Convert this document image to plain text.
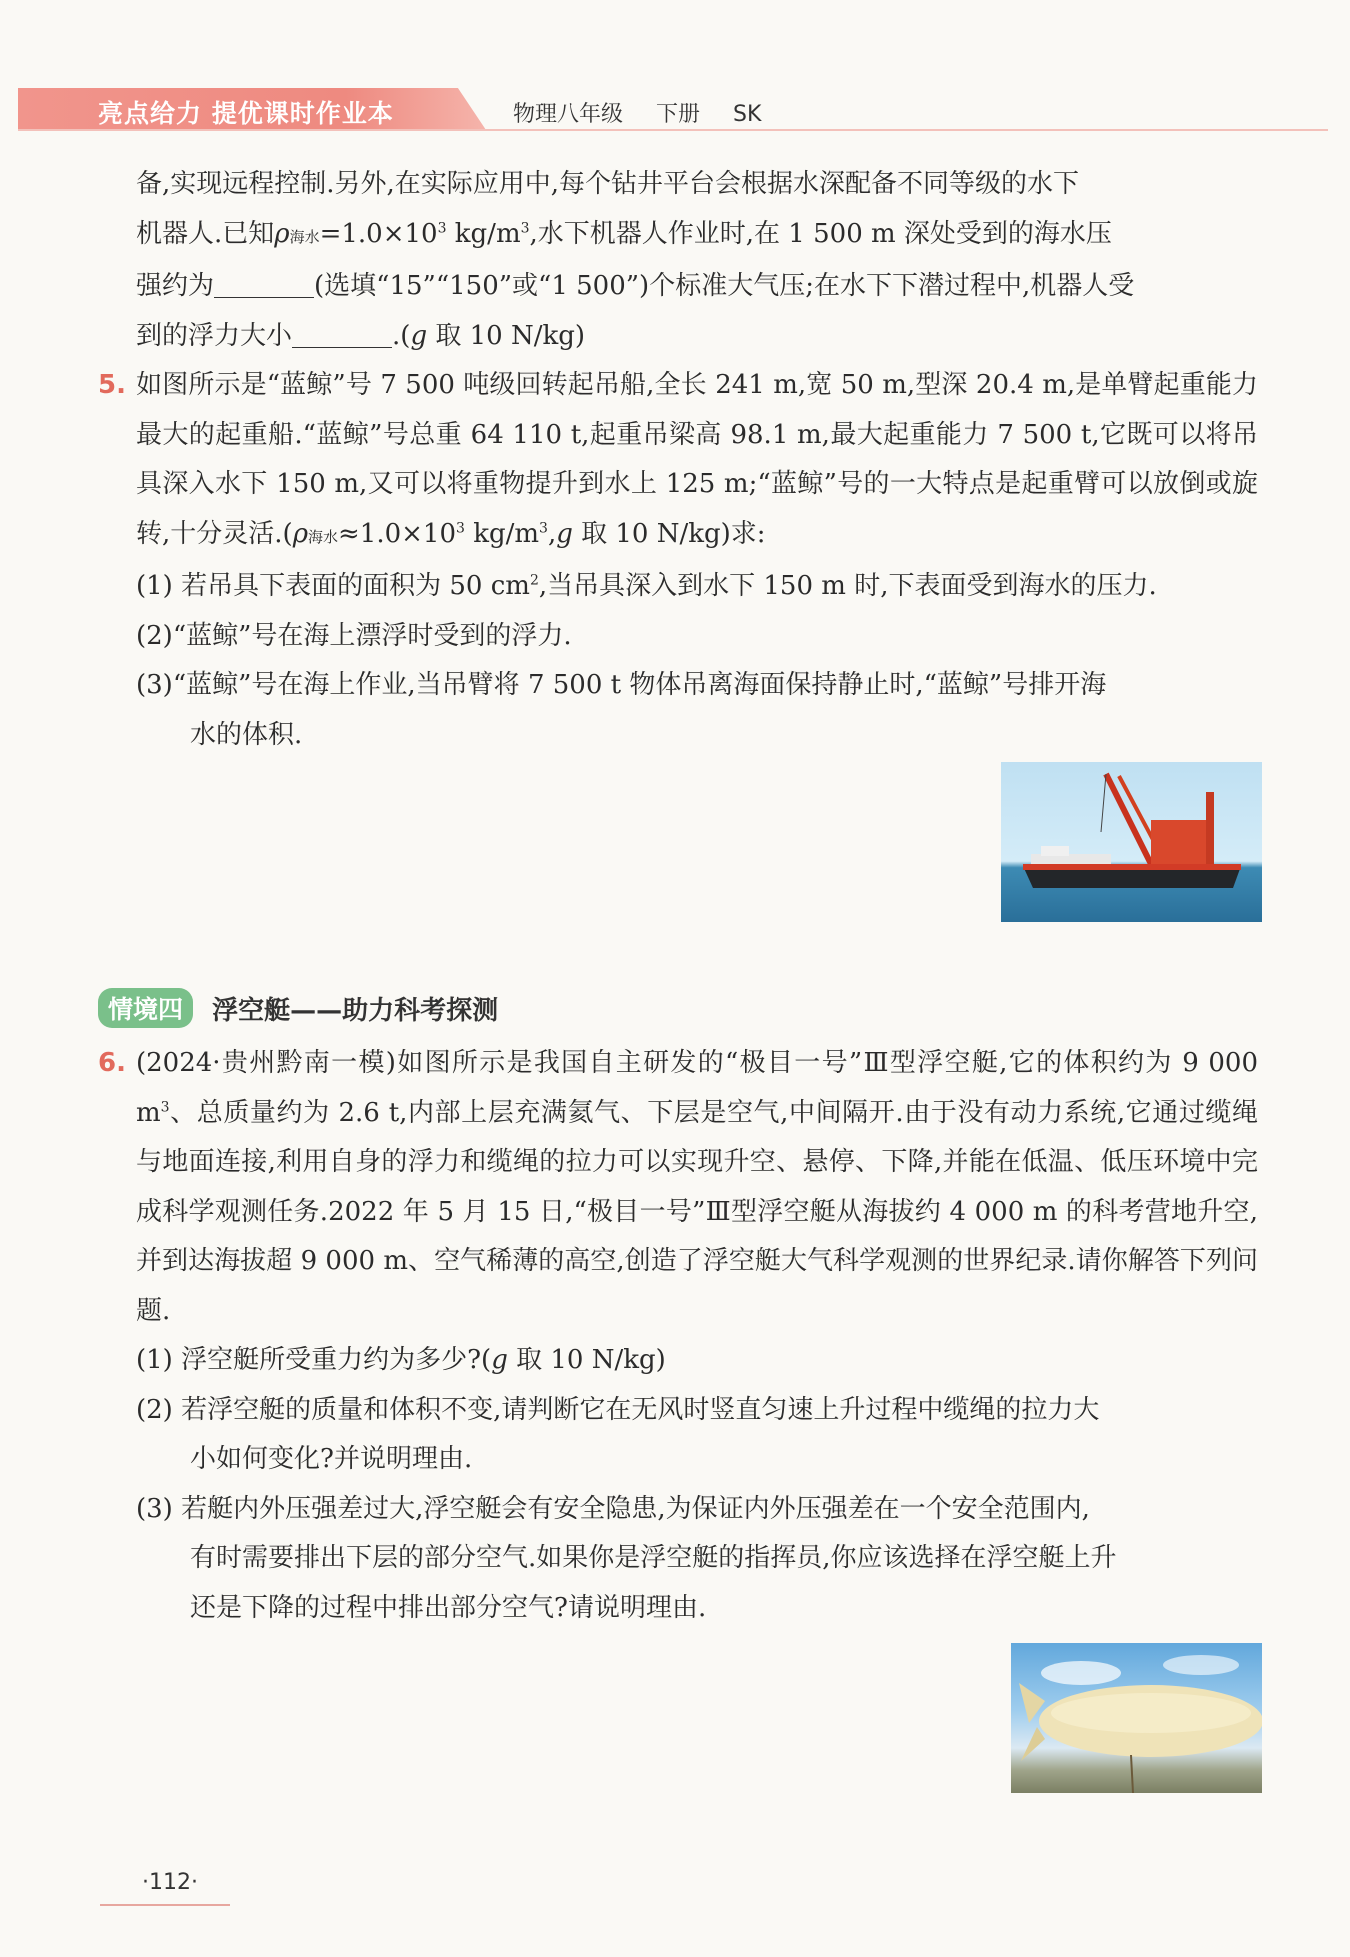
亮点给力 提优课时作业本	物理八年级 下册 SK

备,实现远程控制.另外,在实际应用中,每个钻井平台会根据水深配备不同等级的水下

机器人.已知ρ海水$=1.0\times 10^3$ $kg/m^3$,水下机器人作业时,在 1 500 m 深处受到的海水压

强约为	(选填“15”“150”或“1 500”)个标准大气压;在水下下潜过程中,机器人受

到的浮力大小	.(g 取 10 N/kg)

5. 如图所示是“蓝鲸”号 7 500 吨级回转起吊船,全长 241 m,宽 50 m,型深 20.4 m,是单臂起重能力最大的起重船.“蓝鲸”号总重 64 110 t,起重吊梁高 98.1 m,最大起重能力 7 500 t,它既可以将吊具深入水下 150 m,又可以将重物提升到水上 125 m;“蓝鲸”号的一大特点是起重臂可以放倒或旋转,十分灵活.(ρ海水$\approx 1.0\times 10^3$ $kg/m^3,g$ 取 10 N/kg)求:

(1) 若吊具下表面的面积为 50 $cm^2$,当吊具深入到水下 150 m 时,下表面受到海水的压力.

(2)“蓝鲸”号在海上漂浮时受到的浮力.

(3)“蓝鲸”号在海上作业,当吊臂将 7 500 t 物体吊离海面保持静止时,“蓝鲸”号排开海

水的体积.

情境四 浮空艇——助力科考探测

6. (2024·贵州黔南一模)如图所示是我国自主研发的“极目一号”Ⅲ型浮空艇,它的体积约为 9 000 $m^3$、总质量约为 2.6 t,内部上层充满氦气、下层是空气,中间隔开.由于没有动力系统,它通过缆绳与地面连接,利用自身的浮力和缆绳的拉力可以实现升空、悬停、下降,并能在低温、低压环境中完成科学观测任务.2022 年 5 月 15 日,“极目一号”Ⅲ型浮空艇从海拔约 4 000 m 的科考营地升空,并到达海拔超 9 000 m、空气稀薄的高空,创造了浮空艇大气科学观测的世界纪录.请你解答下列问题.

(1) 浮空艇所受重力约为多少?(g 取 10 N/kg)

(2) 若浮空艇的质量和体积不变,请判断它在无风时竖直匀速上升过程中缆绳的拉力大

小如何变化?并说明理由.

(3) 若艇内外压强差过大,浮空艇会有安全隐患,为保证内外压强差在一个安全范围内,

有时需要排出下层的部分空气.如果你是浮空艇的指挥员,你应该选择在浮空艇上升

还是下降的过程中排出部分空气?请说明理由.

·112·
